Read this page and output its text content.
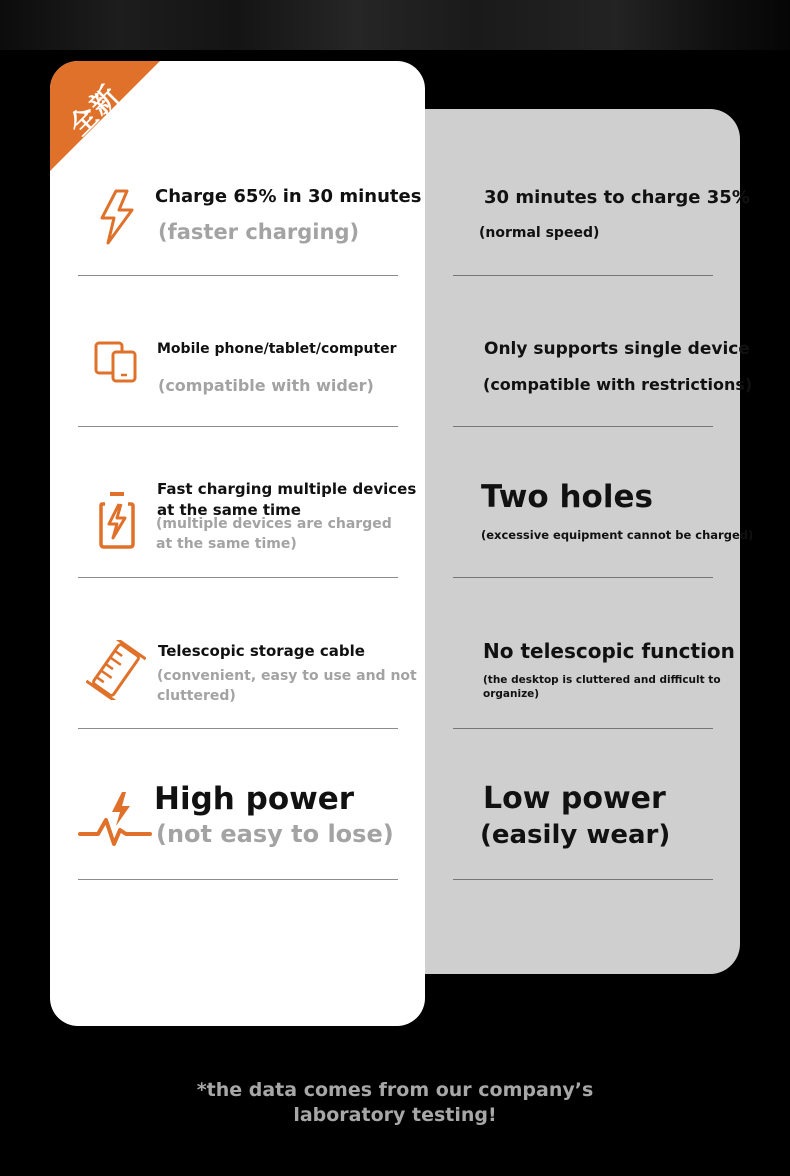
全新
Charge 65% in 30 minutes
(faster charging)
30 minutes to charge 35%
(normal speed)
Mobile phone/tablet/computer
(compatible with wider)
Only supports single device
(compatible with restrictions)
Fast charging multiple devices
at the same time
(multiple devices are charged
at the same time)
Two holes
(excessive equipment cannot be charged)
Telescopic storage cable
(convenient, easy to use and not
cluttered)
No telescopic function
(the desktop is cluttered and difficult to
organize)
High power
(not easy to lose)
Low power
(easily wear)
*the data comes from our company’s
laboratory testing!
